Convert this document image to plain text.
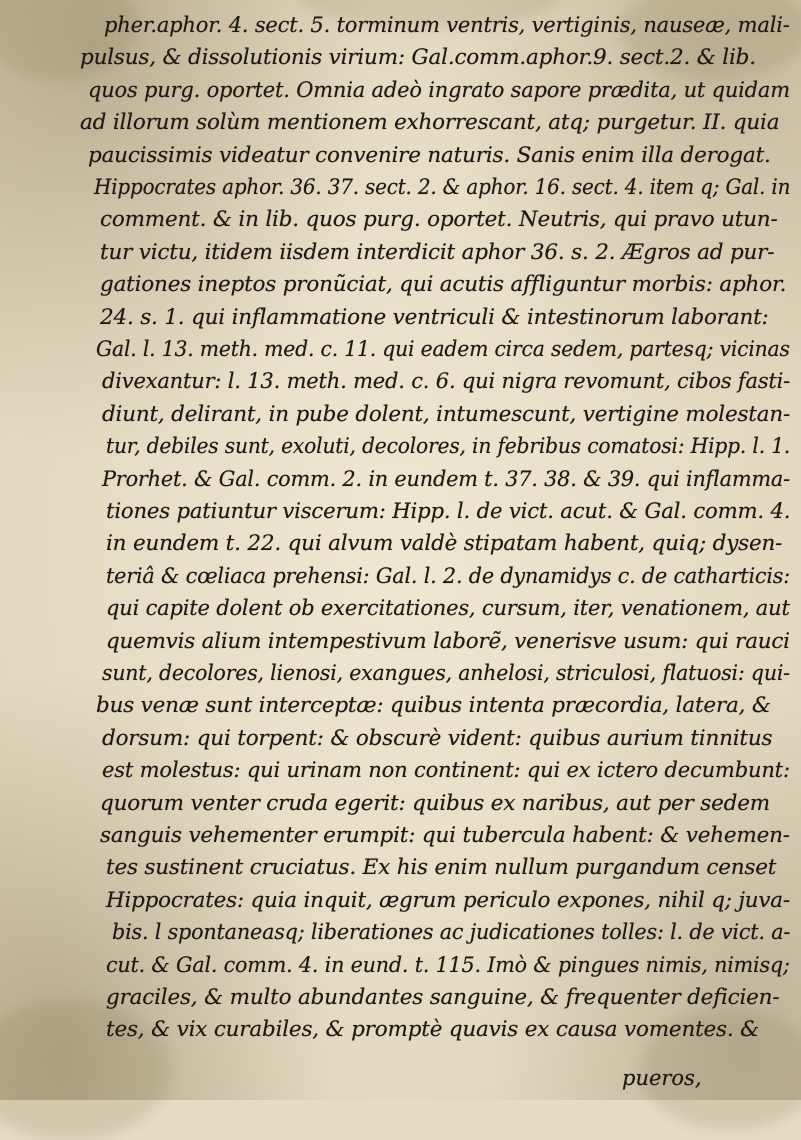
pher.aphor. 4. sect. 5. torminum ventris, vertiginis, nauseæ, mali-
pulsus, & dissolutionis virium: Gal.comm.aphor.9. sect.2. & lib.
quos purg. oportet. Omnia adeò ingrato sapore prædita, ut quidam
ad illorum solùm mentionem exhorrescant, atq; purgetur. II. quia
paucissimis videatur convenire naturis. Sanis enim illa derogat.
Hippocrates aphor. 36. 37. sect. 2. & aphor. 16. sect. 4. item q; Gal. in
comment. & in lib. quos purg. oportet. Neutris, qui pravo utun-
tur victu, itidem iisdem interdicit aphor 36. s. 2. Ægros ad pur-
gationes ineptos pronũciat, qui acutis affliguntur morbis: aphor.
24. s. 1. qui inflammatione ventriculi & intestinorum laborant:
Gal. l. 13. meth. med. c. 11. qui eadem circa sedem, partesq; vicinas
divexantur: l. 13. meth. med. c. 6. qui nigra revomunt, cibos fasti-
diunt, delirant, in pube dolent, intumescunt, vertigine molestan-
tur, debiles sunt, exoluti, decolores, in febribus comatosi: Hipp. l. 1.
Prorhet. & Gal. comm. 2. in eundem t. 37. 38. & 39. qui inflamma-
tiones patiuntur viscerum: Hipp. l. de vict. acut. & Gal. comm. 4.
in eundem t. 22. qui alvum valdè stipatam habent, quiq; dysen-
teriâ & cœliaca prehensi: Gal. l. 2. de dynamidys c. de catharticis:
qui capite dolent ob exercitationes, cursum, iter, venationem, aut
quemvis alium intempestivum laborẽ, venerisve usum: qui rauci
sunt, decolores, lienosi, exangues, anhelosi, striculosi, flatuosi: qui-
bus venæ sunt interceptæ: quibus intenta præcordia, latera, &
dorsum: qui torpent: & obscurè vident: quibus aurium tinnitus
est molestus: qui urinam non continent: qui ex ictero decumbunt:
quorum venter crudа egerit: quibus ex naribus, aut per sedem
sanguis vehementer erumpit: qui tubercula habent: & vehemen-
tes sustinent cruciatus. Ex his enim nullum purgandum censet
Hippocrates: quia inquit, ægrum periculo expones, nihil q; juva-
bis. l spontaneasq; liberationes ac judicationes tolles: l. de vict. a-
cut. & Gal. comm. 4. in eund. t. 115. Imò & pingues nimis, nimisq;
graciles, & multo abundantes sanguine, & frequenter deficien-
tes, & vix curabiles, & promptè quavis ex causa vomentes. &
pueros,
